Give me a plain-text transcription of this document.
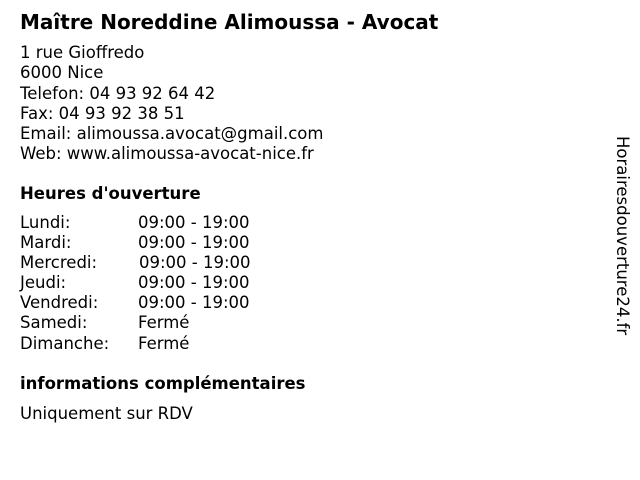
Maître Noreddine Alimoussa - Avocat
1 rue Gioffredo
6000 Nice
Telefon: 04 93 92 64 42
Fax: 04 93 92 38 51
Email: alimoussa.avocat@gmail.com
Web: www.alimoussa-avocat-nice.fr
Heures d'ouverture
Lundi:	09:00 - 19:00
Mardi:	09:00 - 19:00
Mercredi:	09:00 - 19:00
Jeudi:	09:00 - 19:00
Vendredi: 09:00 - 19:00
Samedi:	Fermé
Dimanche: Fermé
informations complémentaires
Uniquement sur RDV
Horairesdouverture24.fr
